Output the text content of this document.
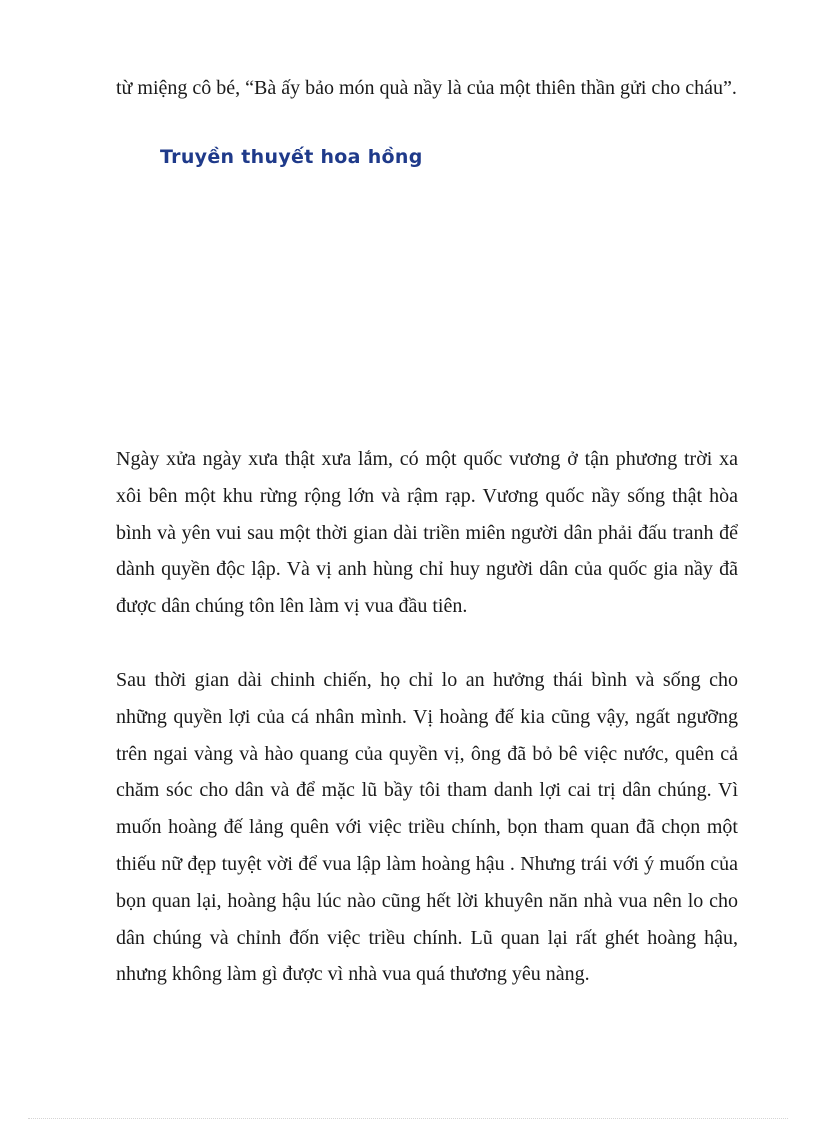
từ miệng cô bé, “Bà ấy bảo món quà nầy là của một thiên thần gửi cho cháu”.

Truyền thuyết hoa hồng

Ngày xửa ngày xưa thật xưa lắm, có một quốc vương ở tận phương trời xa xôi bên một khu rừng rộng lớn và rậm rạp. Vương quốc nầy sống thật hòa bình và yên vui sau một thời gian dài triền miên người dân phải đấu tranh để dành quyền độc lập. Và vị anh hùng chỉ huy người dân của quốc gia nầy đã được dân chúng tôn lên làm vị vua đầu tiên.

Sau thời gian dài chinh chiến, họ chỉ lo an hưởng thái bình và sống cho những quyền lợi của cá nhân mình. Vị hoàng đế kia cũng vậy, ngất ngưỡng trên ngai vàng và hào quang của quyền vị, ông đã bỏ bê việc nước, quên cả chăm sóc cho dân và để mặc lũ bầy tôi tham danh lợi cai trị dân chúng. Vì muốn hoàng đế lảng quên với việc triều chính, bọn tham quan đã chọn một thiếu nữ đẹp tuyệt vời để vua lập làm hoàng hậu . Nhưng trái với ý muốn của bọn quan lại, hoàng hậu lúc nào cũng hết lời khuyên năn nhà vua nên lo cho dân chúng và chỉnh đốn việc triều chính. Lũ quan lại rất ghét hoàng hậu, nhưng không làm gì được vì nhà vua quá thương yêu nàng.
